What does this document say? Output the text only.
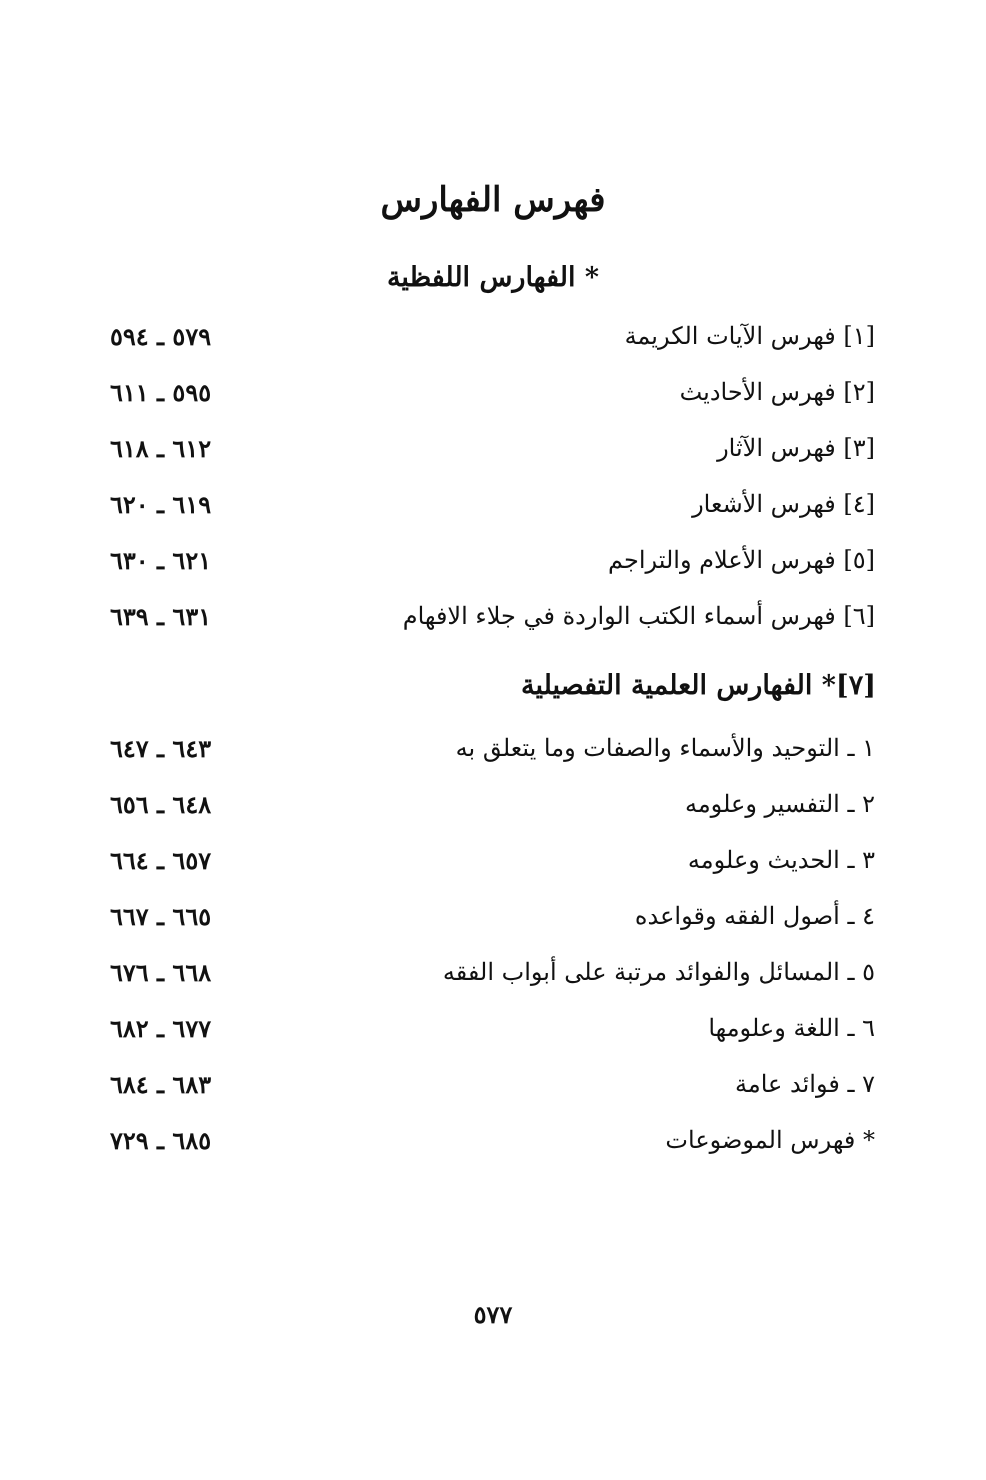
فهرس الفهارس
* الفهارس اللفظية
[١] فهرس الآيات الكريمة
٥٧٩ ـ ٥٩٤
[٢] فهرس الأحاديث
٥٩٥ ـ ٦١١
[٣] فهرس الآثار
٦١٢ ـ ٦١٨
[٤] فهرس الأشعار
٦١٩ ـ ٦٢٠
[٥] فهرس الأعلام والتراجم
٦٢١ ـ ٦٣٠
[٦] فهرس أسماء الكتب الواردة في جلاء الافهام
٦٣١ ـ ٦٣٩
[٧]* الفهارس العلمية التفصيلية
١ ـ التوحيد والأسماء والصفات وما يتعلق به
٦٤٣ ـ ٦٤٧
٢ ـ التفسير وعلومه
٦٤٨ ـ ٦٥٦
٣ ـ الحديث وعلومه
٦٥٧ ـ ٦٦٤
٤ ـ أصول الفقه وقواعده
٦٦٥ ـ ٦٦٧
٥ ـ المسائل والفوائد مرتبة على أبواب الفقه
٦٦٨ ـ ٦٧٦
٦ ـ اللغة وعلومها
٦٧٧ ـ ٦٨٢
٧ ـ فوائد عامة
٦٨٣ ـ ٦٨٤
* فهرس الموضوعات
٦٨٥ ـ ٧٢٩
٥٧٧
